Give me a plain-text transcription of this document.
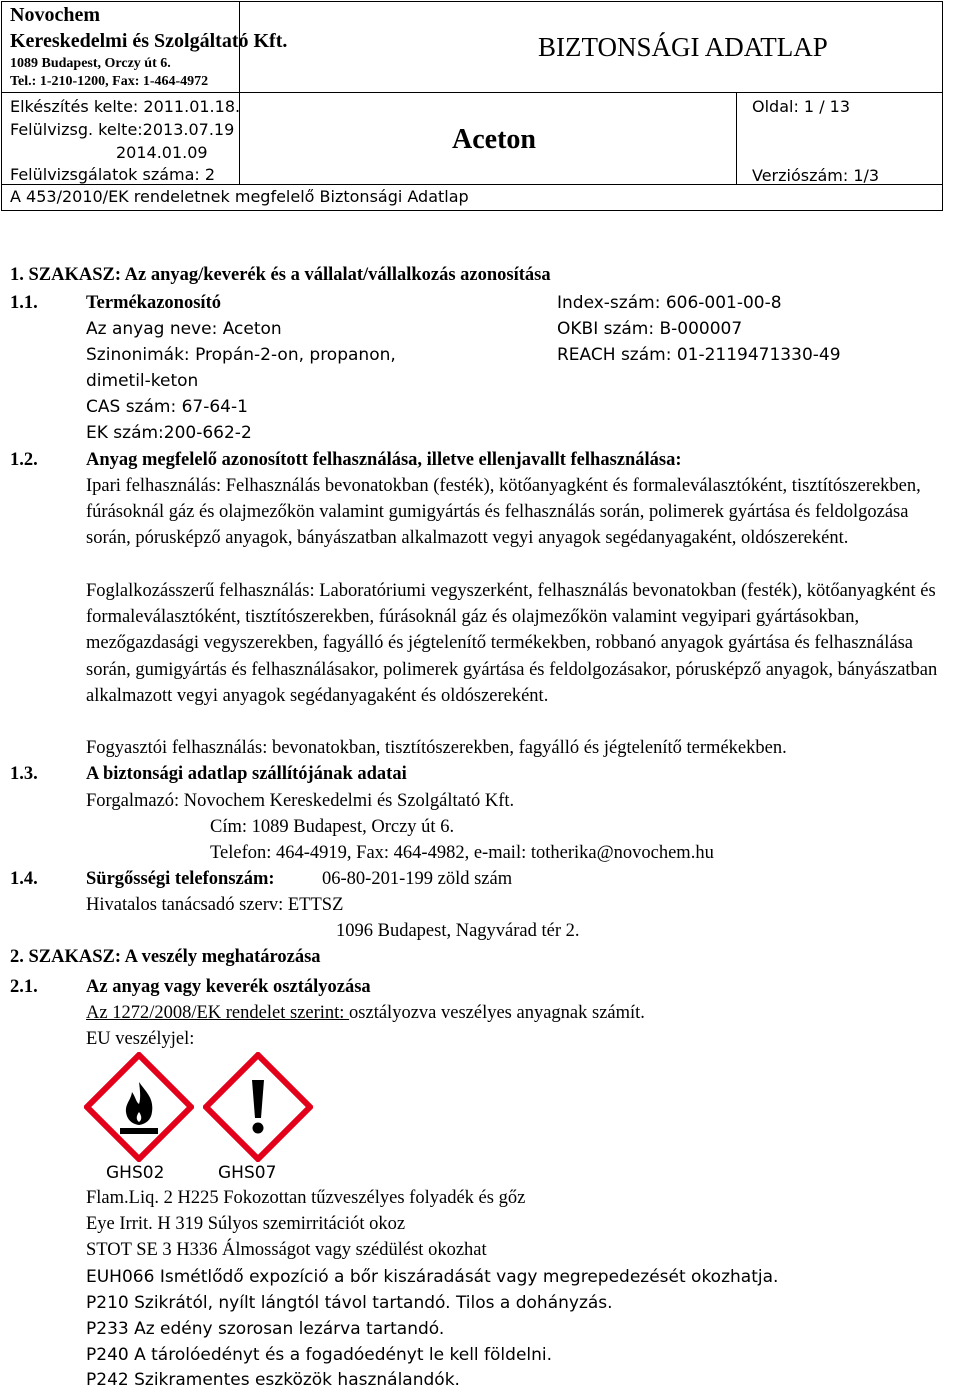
Novochem
Kereskedelmi és Szolgáltató Kft.
1089 Budapest, Orczy út 6.
Tel.: 1-210-1200, Fax: 1-464-4972
BIZTONSÁGI ADATLAP
Elkészítés kelte: 2011.01.18.
Felülvizsg. kelte:2013.07.19
2014.01.09
Felülvizsgálatok száma: 2
Aceton
Oldal: 1 / 13
Verziószám: 1/3
A 453/2010/EK rendeletnek megfelelő Biztonsági Adatlap
1. SZAKASZ: Az anyag/keverék és a vállalat/vállalkozás azonosítása
1.1.	Termékazonosító
Az anyag neve: Aceton
Szinonimák: Propán-2-on, propanon,
dimetil-keton
CAS szám: 67-64-1
EK szám:200-662-2
Index-szám: 606-001-00-8
OKBI szám: B-000007
REACH szám: 01-2119471330-49
1.2.	Anyag megfelelő azonosított felhasználása, illetve ellenjavallt felhasználása:
Ipari felhasználás: Felhasználás bevonatokban (festék), kötőanyagként és formaleválasztóként, tisztítószerekben, fúrásoknál gáz és olajmezőkön valamint gumigyártás és felhasználás során, polimerek gyártása és feldolgozása során, pórusképző anyagok, bányászatban alkalmazott vegyi anyagok segédanyagaként, oldószereként.
Foglalkozásszerű felhasználás: Laboratóriumi vegyszerként, felhasználás bevonatokban (festék), kötőanyagként és formaleválasztóként, tisztítószerekben, fúrásoknál gáz és olajmezőkön valamint vegyipari gyártásokban, mezőgazdasági vegyszerekben, fagyálló és jégtelenítő termékekben, robbanó anyagok gyártása és felhasználása során, gumigyártás és felhasználásakor, polimerek gyártása és feldolgozásakor, pórusképző anyagok, bányászatban alkalmazott vegyi anyagok segédanyagaként és oldószereként.
Fogyasztói felhasználás: bevonatokban, tisztítószerekben, fagyálló és jégtelenítő termékekben.
1.3.	A biztonsági adatlap szállítójának adatai
Forgalmazó: Novochem Kereskedelmi és Szolgáltató Kft.
Cím: 1089 Budapest, Orczy út 6.
Telefon: 464-4919, Fax: 464-4982, e-mail: totherika@novochem.hu
1.4.	Sürgősségi telefonszám:	06-80-201-199 zöld szám
Hivatalos tanácsadó szerv: ETTSZ
1096 Budapest, Nagyvárad tér 2.
2. SZAKASZ: A veszély meghatározása
2.1.	Az anyag vagy keverék osztályozása
Az 1272/2008/EK rendelet szerint: osztályozva veszélyes anyagnak számít.
EU veszélyjel:
GHS02	GHS07
Flam.Liq. 2 H225 Fokozottan tűzveszélyes folyadék és gőz
Eye Irrit. H 319 Súlyos szemirritációt okoz
STOT SE 3 H336 Álmosságot vagy szédülést okozhat
EUH066 Ismétlődő expozíció a bőr kiszáradását vagy megrepedezését okozhatja.
P210 Szikrától, nyílt lángtól távol tartandó. Tilos a dohányzás.
P233 Az edény szorosan lezárva tartandó.
P240 A tárolóedényt és a fogadóedényt le kell földelni.
P242 Szikramentes eszközök használandók.
